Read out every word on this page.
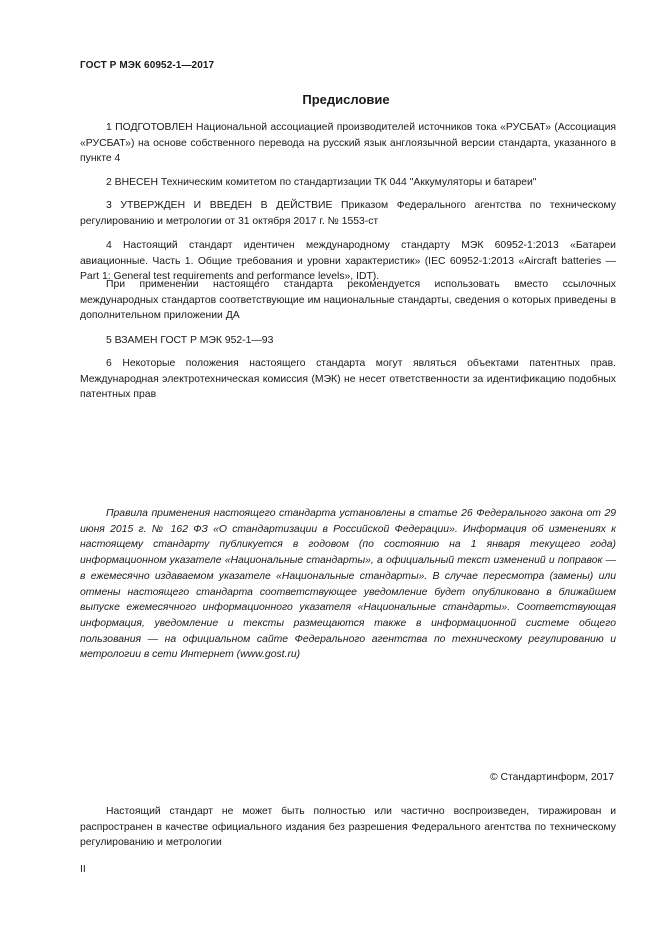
ГОСТ Р МЭК 60952-1—2017
Предисловие

1 ПОДГОТОВЛЕН Национальной ассоциацией производителей источников тока «РУСБАТ» (Ассоциация «РУСБАТ») на основе собственного перевода на русский язык англоязычной версии стандарта, указанного в пункте 4

2 ВНЕСЕН Техническим комитетом по стандартизации ТК 044 "Аккумуляторы и батареи"

3 УТВЕРЖДЕН И ВВЕДЕН В ДЕЙСТВИЕ Приказом Федерального агентства по техническому регулированию и метрологии от 31 октября 2017 г. № 1553-ст

4 Настоящий стандарт идентичен международному стандарту МЭК 60952-1:2013 «Батареи авиационные. Часть 1. Общие требования и уровни характеристик» (IEC 60952-1:2013 «Aircraft batteries — Part 1: General test requirements and performance levels», IDT).

При применении настоящего стандарта рекомендуется использовать вместо ссылочных международных стандартов соответствующие им национальные стандарты, сведения о которых приведены в дополнительном приложении ДА

5 ВЗАМЕН ГОСТ Р МЭК 952-1—93

6 Некоторые положения настоящего стандарта могут являться объектами патентных прав. Международная электротехническая комиссия (МЭК) не несет ответственности за идентификацию подобных патентных прав

Правила применения настоящего стандарта установлены в статье 26 Федерального закона от 29 июня 2015 г. № 162 ФЗ «О стандартизации в Российской Федерации». Информация об изменениях к настоящему стандарту публикуется в годовом (по состоянию на 1 января текущего года) информационном указателе «Национальные стандарты», а официальный текст изменений и поправок — в ежемесячно издаваемом указателе «Национальные стандарты». В случае пересмотра (замены) или отмены настоящего стандарта соответствующее уведомление будет опубликовано в ближайшем выпуске ежемесячного информационного указателя «Национальные стандарты». Соответствующая информация, уведомление и тексты размещаются также в информационной системе общего пользования — на официальном сайте Федерального агентства по техническому регулированию и метрологии в сети Интернет (www.gost.ru)

© Стандартинформ, 2017

Настоящий стандарт не может быть полностью или частично воспроизведен, тиражирован и распространен в качестве официального издания без разрешения Федерального агентства по техническому регулированию и метрологии

II
